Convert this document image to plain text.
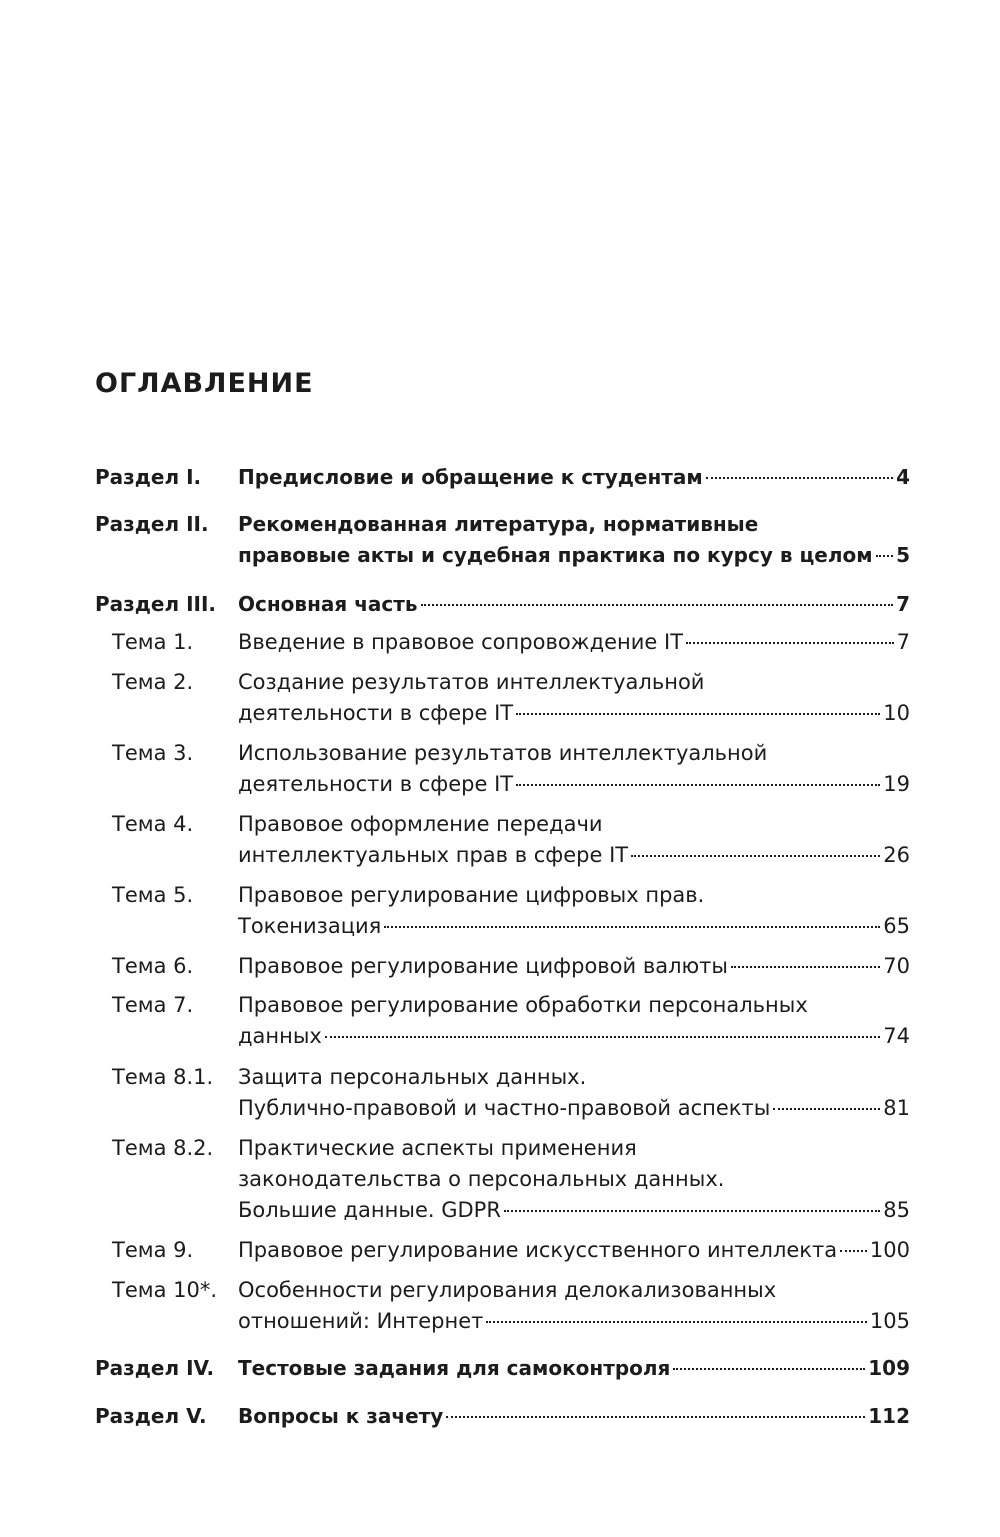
ОГЛАВЛЕНИЕ
Раздел I. Предисловие и обращение к студентам	4
Раздел II. Рекомендованная литература, нормативные
правовые акты и судебная практика по курсу в целом 5
Раздел III. Основная часть	7
Тема 1. Введение в правовое сопровождение IT	7
Тема 2. Создание результатов интеллектуальной
деятельности в сфере IT	10
Тема 3. Использование результатов интеллектуальной
деятельности в сфере IT	19
Тема 4. Правовое оформление передачи
интеллектуальных прав в сфере IT	26
Тема 5. Правовое регулирование цифровых прав.
Токенизация	65
Тема 6. Правовое регулирование цифровой валюты	70
Тема 7. Правовое регулирование обработки персональных
данных	74
Тема 8.1. Защита персональных данных.
Публично-правовой и частно-правовой аспекты	81
Тема 8.2. Практические аспекты применения
законодательства о персональных данных.
Большие данные. GDPR	85
Тема 9. Правовое регулирование искусственного интеллекта 100
Тема 10*. Особенности регулирования делокализованных
отношений: Интернет	105
Раздел IV. Тестовые задания для самоконтроля	109
Раздел V. Вопросы к зачету	112
